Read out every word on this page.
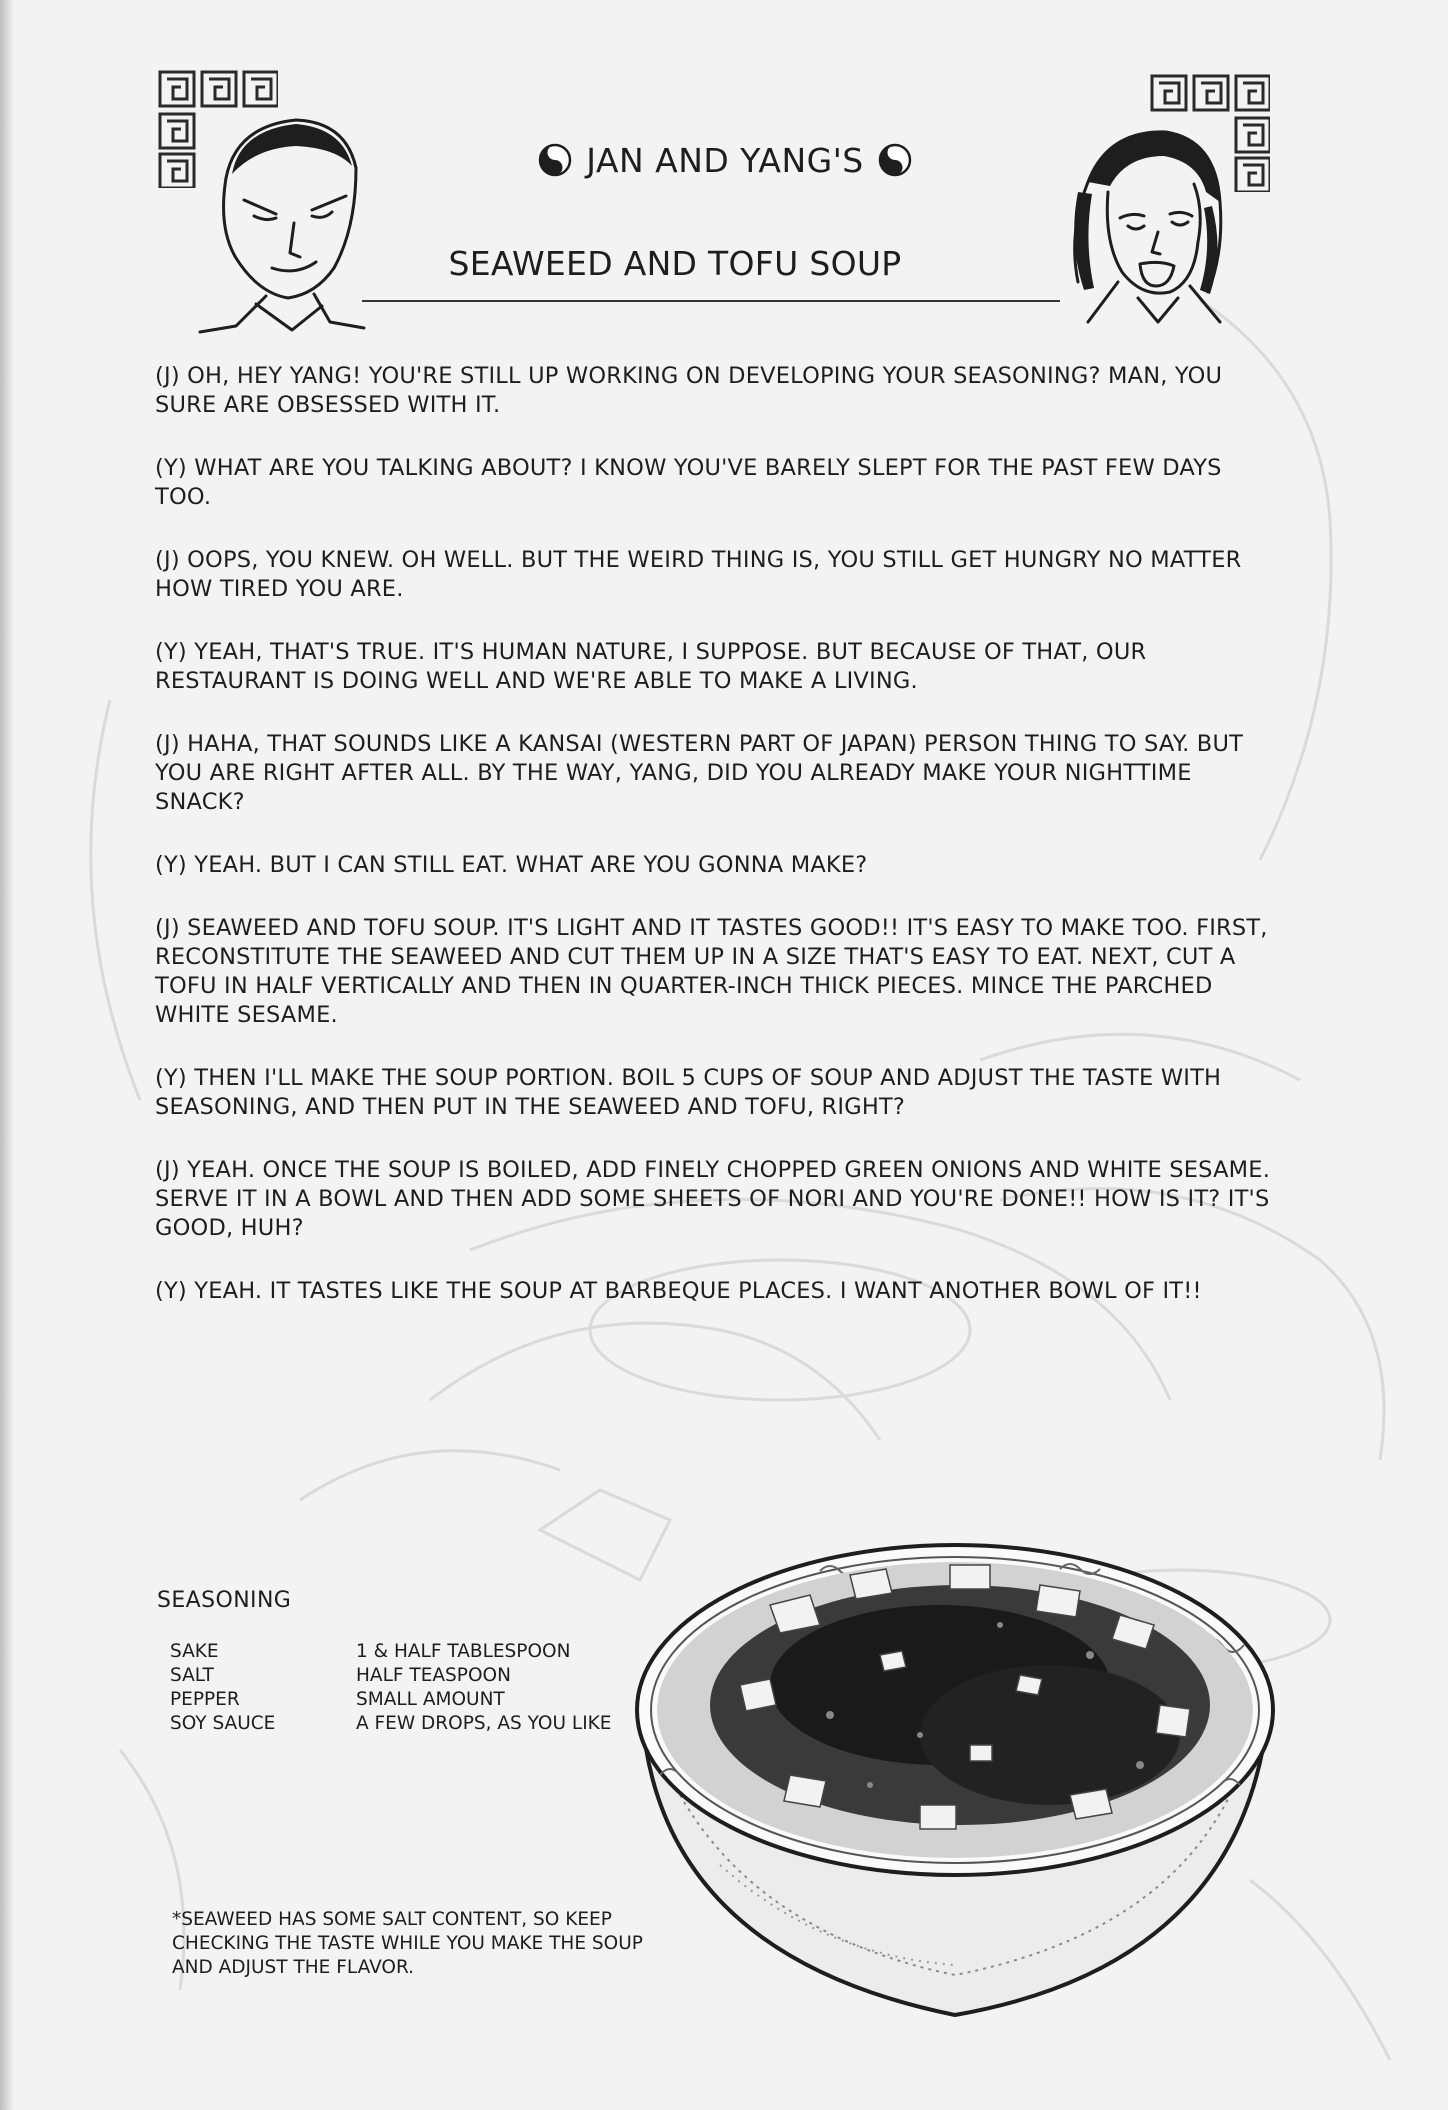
JAN AND YANG'S
SEAWEED AND TOFU SOUP

(J) OH, HEY YANG! YOU'RE STILL UP WORKING ON DEVELOPING YOUR SEASONING? MAN, YOU SURE ARE OBSESSED WITH IT.

(Y) WHAT ARE YOU TALKING ABOUT? I KNOW YOU'VE BARELY SLEPT FOR THE PAST FEW DAYS TOO.

(J) OOPS, YOU KNEW. OH WELL. BUT THE WEIRD THING IS, YOU STILL GET HUNGRY NO MATTER HOW TIRED YOU ARE.

(Y) YEAH, THAT'S TRUE. IT'S HUMAN NATURE, I SUPPOSE. BUT BECAUSE OF THAT, OUR RESTAURANT IS DOING WELL AND WE'RE ABLE TO MAKE A LIVING.

(J) HAHA, THAT SOUNDS LIKE A KANSAI (WESTERN PART OF JAPAN) PERSON THING TO SAY. BUT YOU ARE RIGHT AFTER ALL. BY THE WAY, YANG, DID YOU ALREADY MAKE YOUR NIGHTTIME SNACK?

(Y) YEAH. BUT I CAN STILL EAT. WHAT ARE YOU GONNA MAKE?

(J) SEAWEED AND TOFU SOUP. IT'S LIGHT AND IT TASTES GOOD!! IT'S EASY TO MAKE TOO. FIRST, RECONSTITUTE THE SEAWEED AND CUT THEM UP IN A SIZE THAT'S EASY TO EAT. NEXT, CUT A TOFU IN HALF VERTICALLY AND THEN IN QUARTER-INCH THICK PIECES. MINCE THE PARCHED WHITE SESAME.

(Y) THEN I'LL MAKE THE SOUP PORTION. BOIL 5 CUPS OF SOUP AND ADJUST THE TASTE WITH SEASONING, AND THEN PUT IN THE SEAWEED AND TOFU, RIGHT?

(J) YEAH. ONCE THE SOUP IS BOILED, ADD FINELY CHOPPED GREEN ONIONS AND WHITE SESAME. SERVE IT IN A BOWL AND THEN ADD SOME SHEETS OF NORI AND YOU'RE DONE!! HOW IS IT? IT'S GOOD, HUH?

(Y) YEAH. IT TASTES LIKE THE SOUP AT BARBEQUE PLACES. I WANT ANOTHER BOWL OF IT!!

SEASONING
SAKE	1 & HALF TABLESPOON
SALT	HALF TEASPOON
PEPPER	SMALL AMOUNT
SOY SAUCE	A FEW DROPS, AS YOU LIKE
*SEAWEED HAS SOME SALT CONTENT, SO KEEP CHECKING THE TASTE WHILE YOU MAKE THE SOUP AND ADJUST THE FLAVOR.
